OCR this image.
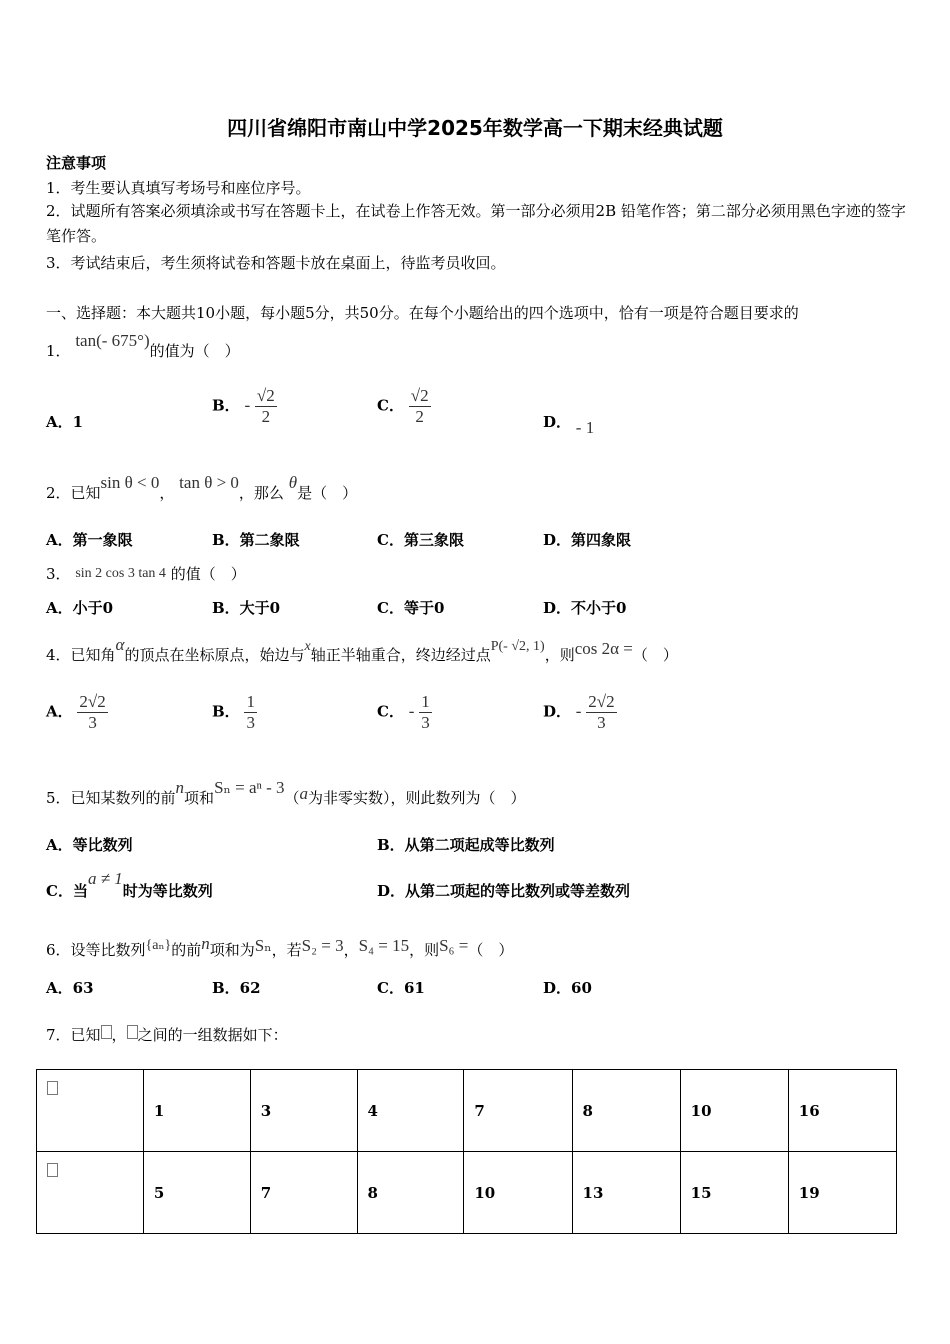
四川省绵阳市南山中学2025年数学高一下期末经典试题
注意事项
1．考生要认真填写考场号和座位序号。
2．试题所有答案必须填涂或书写在答题卡上，在试卷上作答无效。第一部分必须用2B 铅笔作答；第二部分必须用黑色字迹的签字笔作答。
3．考试结束后，考生须将试卷和答题卡放在桌面上，待监考员收回。
一、选择题：本大题共10小题，每小题5分，共50分。在每个小题给出的四个选项中，恰有一项是符合题目要求的
1． tan(- 675°)的值为（　）
A．1
B． - $\frac{√2}{2}$	C． $\frac{√2}{2}$	D． - 1
2．已知sin θ < 0， tan θ > 0，那么 θ是（　）
A．第一象限	B．第二象限	C．第三象限	D．第四象限
3． sin 2 cos 3 tan 4 的值（　）
A．小于0	B．大于0	C．等于0	D．不小于0
4．已知角α的顶点在坐标原点，始边与x轴正半轴重合，终边经过点P(- √2, 1)，则cos 2α =（　）
A． $\frac{2√2}{3}$	B． $\frac{1}{3}$	C． - $\frac{1}{3}$	D． - $\frac{2√2}{3}$
5．已知某数列的前n项和Sₙ = aⁿ - 3（a为非零实数），则此数列为（　）
A．等比数列	B．从第二项起成等比数列
C．当a ≠ 1时为等比数列	D．从第二项起的等比数列或等差数列
6．设等比数列{aₙ}的前n项和为Sₙ，若S₂ = 3，S₄ = 15，则S₆ =（　）
A．63	B．62	C．61	D．60
7．已知 ， 之间的一组数据如下：
	1	3	4	7	8	10	16
	5	7	8	10	13	15	19
